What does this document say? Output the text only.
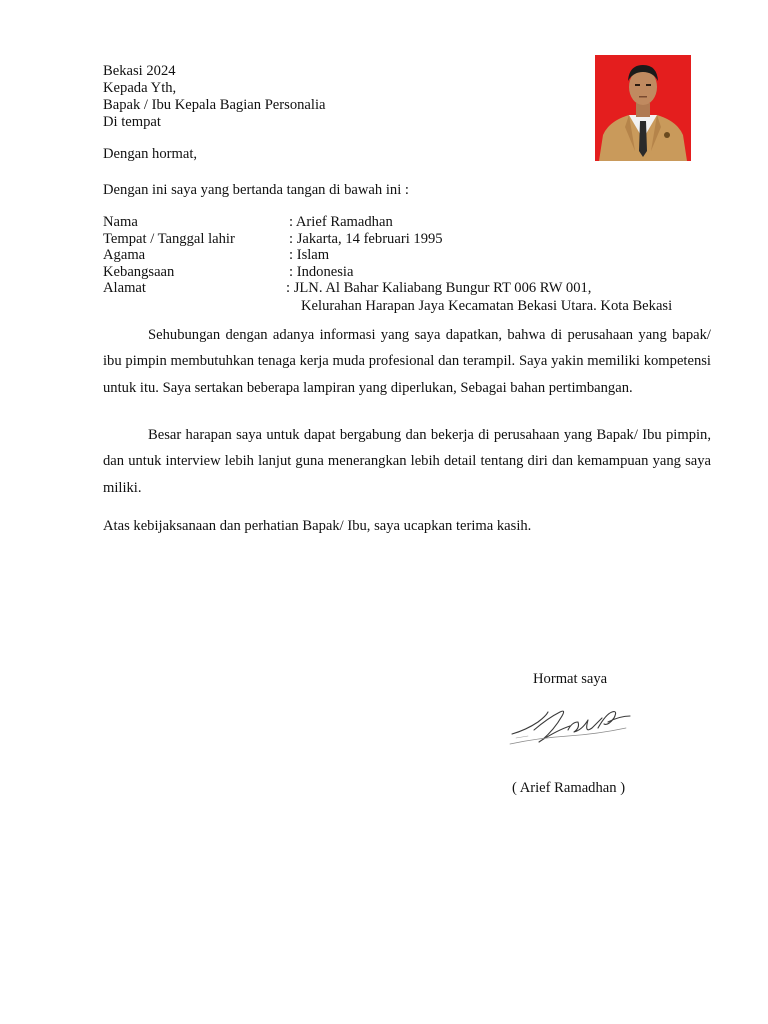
Bekasi 2024
Kepada Yth,
Bapak / Ibu Kepala Bagian Personalia
Di tempat
Dengan hormat,
Dengan ini saya yang bertanda tangan di bawah ini :
Nama	: Arief Ramadhan
Tempat / Tanggal lahir	: Jakarta, 14 februari 1995
Agama	: Islam
Kebangsaan	: Indonesia
Alamat	: JLN. Al Bahar Kaliabang Bungur RT 006 RW 001,
Kelurahan Harapan Jaya Kecamatan Bekasi Utara. Kota Bekasi
Sehubungan dengan adanya informasi yang saya dapatkan, bahwa di perusahaan yang bapak/ ibu pimpin membutuhkan tenaga kerja muda profesional dan terampil. Saya yakin memiliki kompetensi untuk itu. Saya sertakan beberapa lampiran yang diperlukan, Sebagai bahan pertimbangan.
Besar harapan saya untuk dapat bergabung dan bekerja di perusahaan yang Bapak/ Ibu pimpin, dan untuk interview lebih lanjut guna menerangkan lebih detail tentang diri dan kemampuan yang saya miliki.
Atas kebijaksanaan dan perhatian Bapak/ Ibu, saya ucapkan terima kasih.
Hormat saya
( Arief Ramadhan )
